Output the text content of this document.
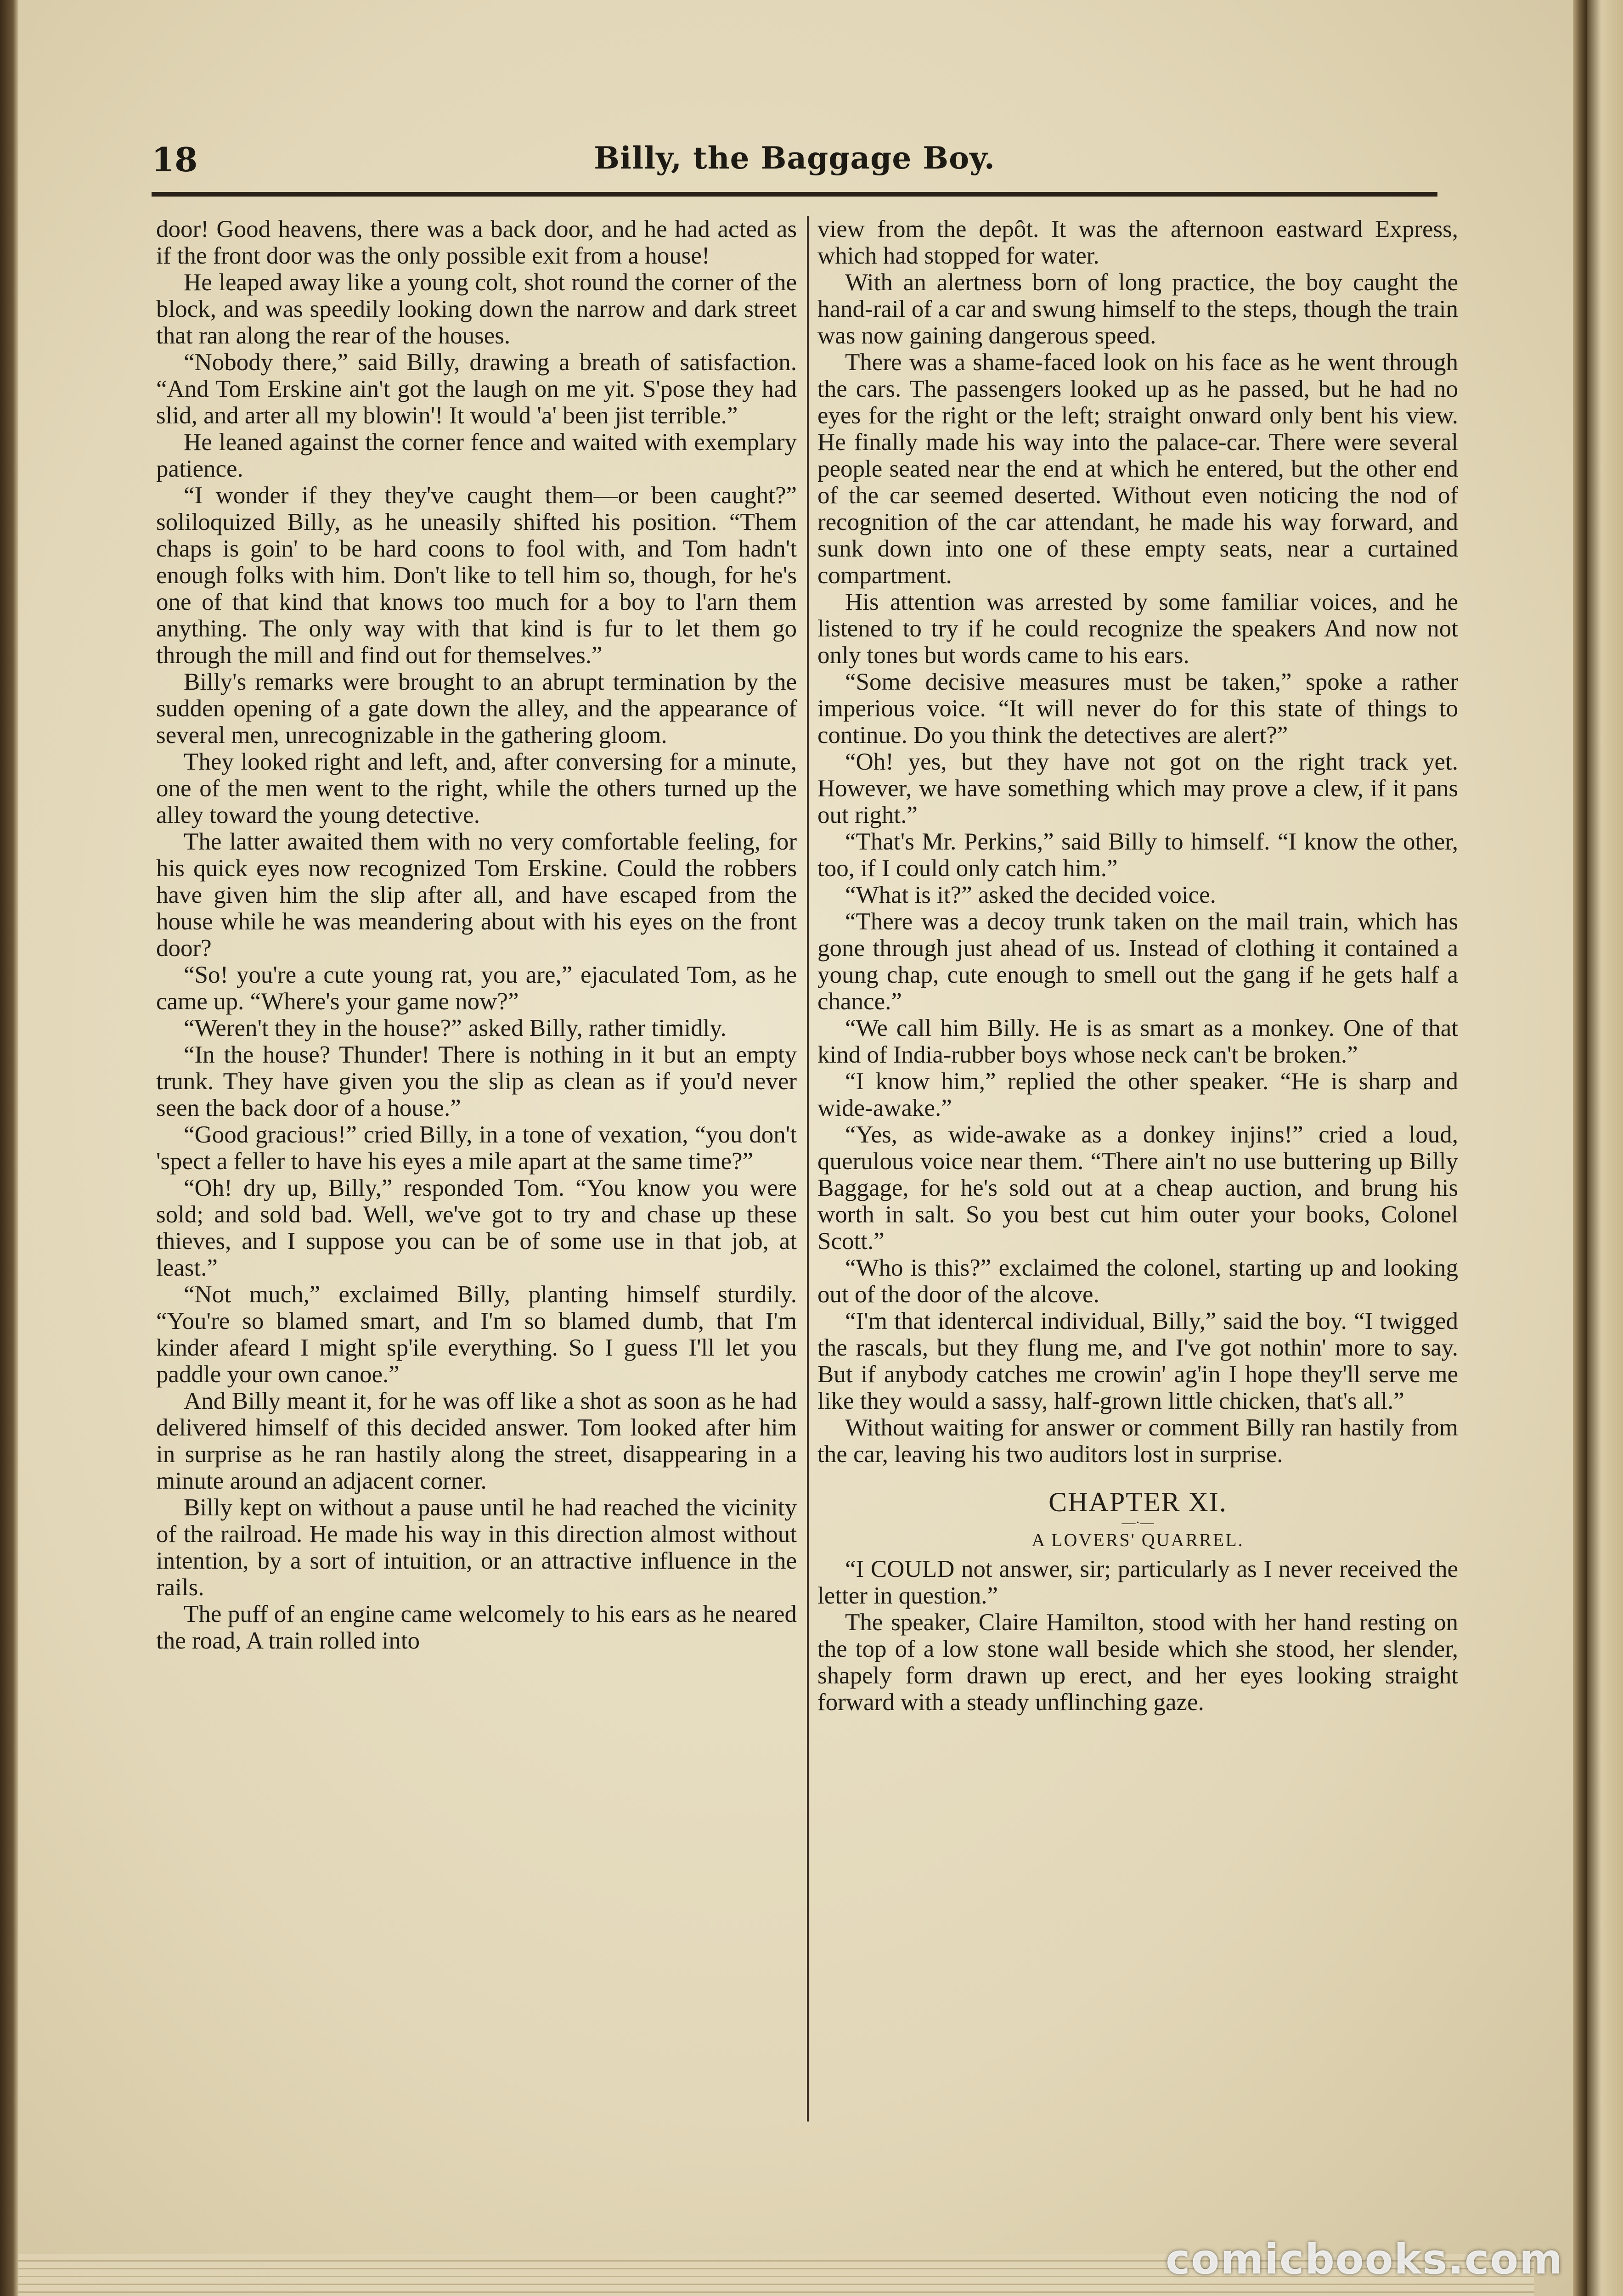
18	Billy, the Baggage Boy.

door! Good heavens, there was a back door, and he had acted as if the front door was the only possible exit from a house!

He leaped away like a young colt, shot round the corner of the block, and was speedily looking down the narrow and dark street that ran along the rear of the houses.

“Nobody there,” said Billy, drawing a breath of satisfaction. “And Tom Erskine ain't got the laugh on me yit. S'pose they had slid, and arter all my blowin'! It would 'a' been jist terrible.”

He leaned against the corner fence and waited with exemplary patience.

“I wonder if they they've caught them—or been caught?” soliloquized Billy, as he uneasily shifted his position. “Them chaps is goin' to be hard coons to fool with, and Tom hadn't enough folks with him. Don't like to tell him so, though, for he's one of that kind that knows too much for a boy to l'arn them anything. The only way with that kind is fur to let them go through the mill and find out for themselves.”

Billy's remarks were brought to an abrupt termination by the sudden opening of a gate down the alley, and the appearance of several men, unrecognizable in the gathering gloom.

They looked right and left, and, after conversing for a minute, one of the men went to the right, while the others turned up the alley toward the young detective.

The latter awaited them with no very comfortable feeling, for his quick eyes now recognized Tom Erskine. Could the robbers have given him the slip after all, and have escaped from the house while he was meandering about with his eyes on the front door?

“So! you're a cute young rat, you are,” ejaculated Tom, as he came up. “Where's your game now?”

“Weren't they in the house?” asked Billy, rather timidly.

“In the house? Thunder! There is nothing in it but an empty trunk. They have given you the slip as clean as if you'd never seen the back door of a house.”

“Good gracious!” cried Billy, in a tone of vexation, “you don't 'spect a feller to have his eyes a mile apart at the same time?”

“Oh! dry up, Billy,” responded Tom. “You know you were sold; and sold bad. Well, we've got to try and chase up these thieves, and I suppose you can be of some use in that job, at least.”

“Not much,” exclaimed Billy, planting himself sturdily. “You're so blamed smart, and I'm so blamed dumb, that I'm kinder afeard I might sp'ile everything. So I guess I'll let you paddle your own canoe.”

And Billy meant it, for he was off like a shot as soon as he had delivered himself of this decided answer. Tom looked after him in surprise as he ran hastily along the street, disappearing in a minute around an adjacent corner.

Billy kept on without a pause until he had reached the vicinity of the railroad. He made his way in this direction almost without intention, by a sort of intuition, or an attractive influence in the rails.

The puff of an engine came welcomely to his ears as he neared the road, A train rolled into

view from the depôt. It was the afternoon eastward Express, which had stopped for water.

With an alertness born of long practice, the boy caught the hand-rail of a car and swung himself to the steps, though the train was now gaining dangerous speed.

There was a shame-faced look on his face as he went through the cars. The passengers looked up as he passed, but he had no eyes for the right or the left; straight onward only bent his view. He finally made his way into the palace-car. There were several people seated near the end at which he entered, but the other end of the car seemed deserted. Without even noticing the nod of recognition of the car attendant, he made his way forward, and sunk down into one of these empty seats, near a curtained compartment.

His attention was arrested by some familiar voices, and he listened to try if he could recognize the speakers And now not only tones but words came to his ears.

“Some decisive measures must be taken,” spoke a rather imperious voice. “It will never do for this state of things to continue. Do you think the detectives are alert?”

“Oh! yes, but they have not got on the right track yet. However, we have something which may prove a clew, if it pans out right.”

“That's Mr. Perkins,” said Billy to himself. “I know the other, too, if I could only catch him.”

“What is it?” asked the decided voice.

“There was a decoy trunk taken on the mail train, which has gone through just ahead of us. Instead of clothing it contained a young chap, cute enough to smell out the gang if he gets half a chance.”

“We call him Billy. He is as smart as a monkey. One of that kind of India-rubber boys whose neck can't be broken.”

“I know him,” replied the other speaker. “He is sharp and wide-awake.”

“Yes, as wide-awake as a donkey injins!” cried a loud, querulous voice near them. “There ain't no use buttering up Billy Baggage, for he's sold out at a cheap auction, and brung his worth in salt. So you best cut him outer your books, Colonel Scott.”

“Who is this?” exclaimed the colonel, starting up and looking out of the door of the alcove.

“I'm that identercal individual, Billy,” said the boy. “I twigged the rascals, but they flung me, and I've got nothin' more to say. But if anybody catches me crowin' ag'in I hope they'll serve me like they would a sassy, half-grown little chicken, that's all.”

Without waiting for answer or comment Billy ran hastily from the car, leaving his two auditors lost in surprise.

CHAPTER XI.
—·—
A LOVERS' QUARREL.

“I COULD not answer, sir; particularly as I never received the letter in question.”

The speaker, Claire Hamilton, stood with her hand resting on the top of a low stone wall beside which she stood, her slender, shapely form drawn up erect, and her eyes looking straight forward with a steady unflinching gaze.

comicbooks.com
